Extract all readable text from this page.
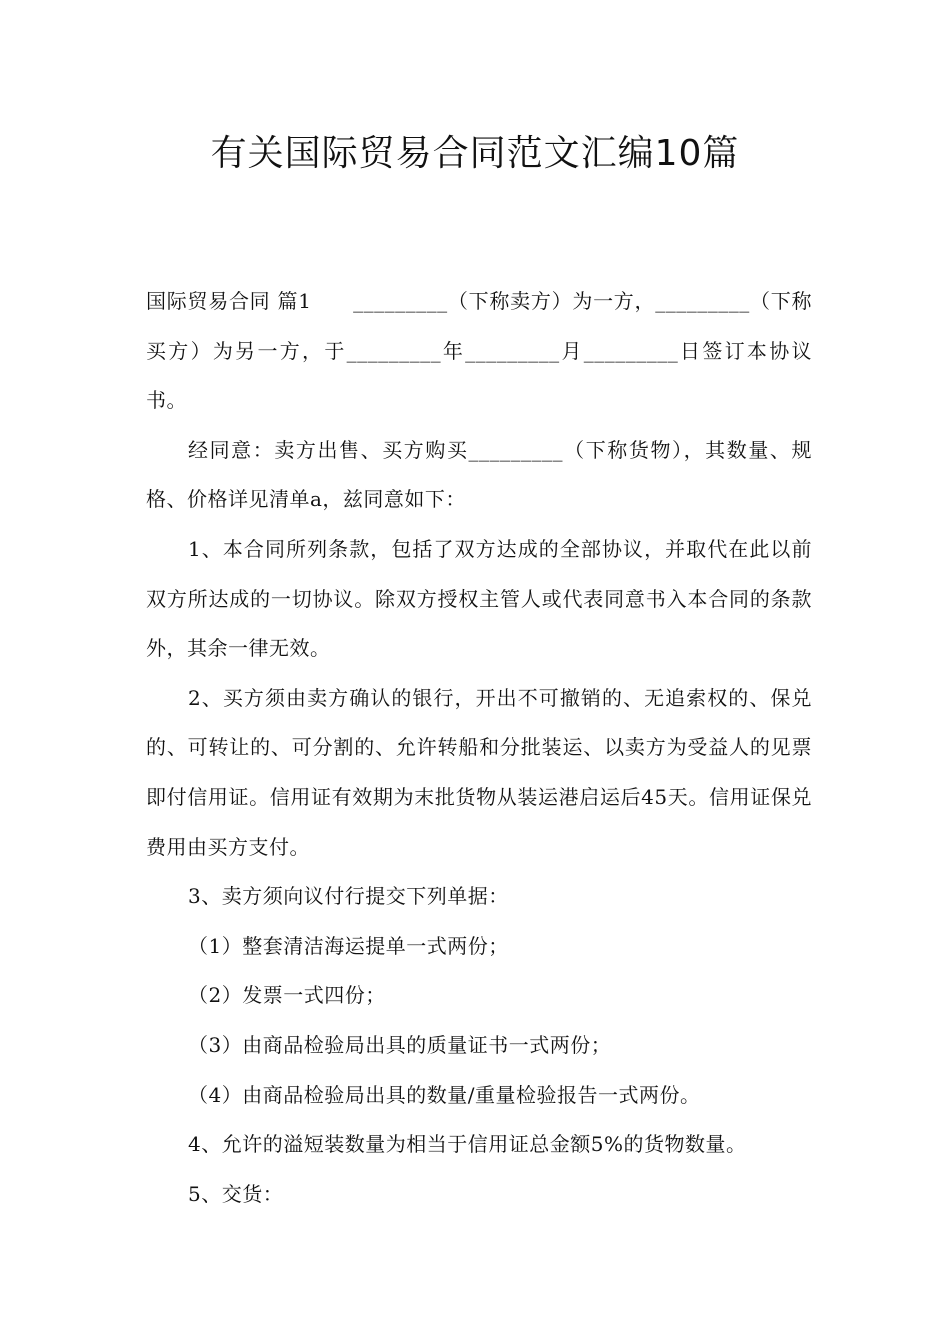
有关国际贸易合同范文汇编10篇

国际贸易合同 篇1　　_________（下称卖方）为一方，_________（下称买方）为另一方，于_________年_________月_________日签订本协议书。

经同意：卖方出售、买方购买_________（下称货物），其数量、规格、价格详见清单a，兹同意如下：

1、本合同所列条款，包括了双方达成的全部协议，并取代在此以前双方所达成的一切协议。除双方授权主管人或代表同意书入本合同的条款外，其余一律无效。

2、买方须由卖方确认的银行，开出不可撤销的、无追索权的、保兑的、可转让的、可分割的、允许转船和分批装运、以卖方为受益人的见票即付信用证。信用证有效期为末批货物从装运港启运后45天。信用证保兑费用由买方支付。

3、卖方须向议付行提交下列单据：

（1）整套清洁海运提单一式两份；

（2）发票一式四份；

（3）由商品检验局出具的质量证书一式两份；

（4）由商品检验局出具的数量/重量检验报告一式两份。

4、允许的溢短装数量为相当于信用证总金额5%的货物数量。

5、交货：
